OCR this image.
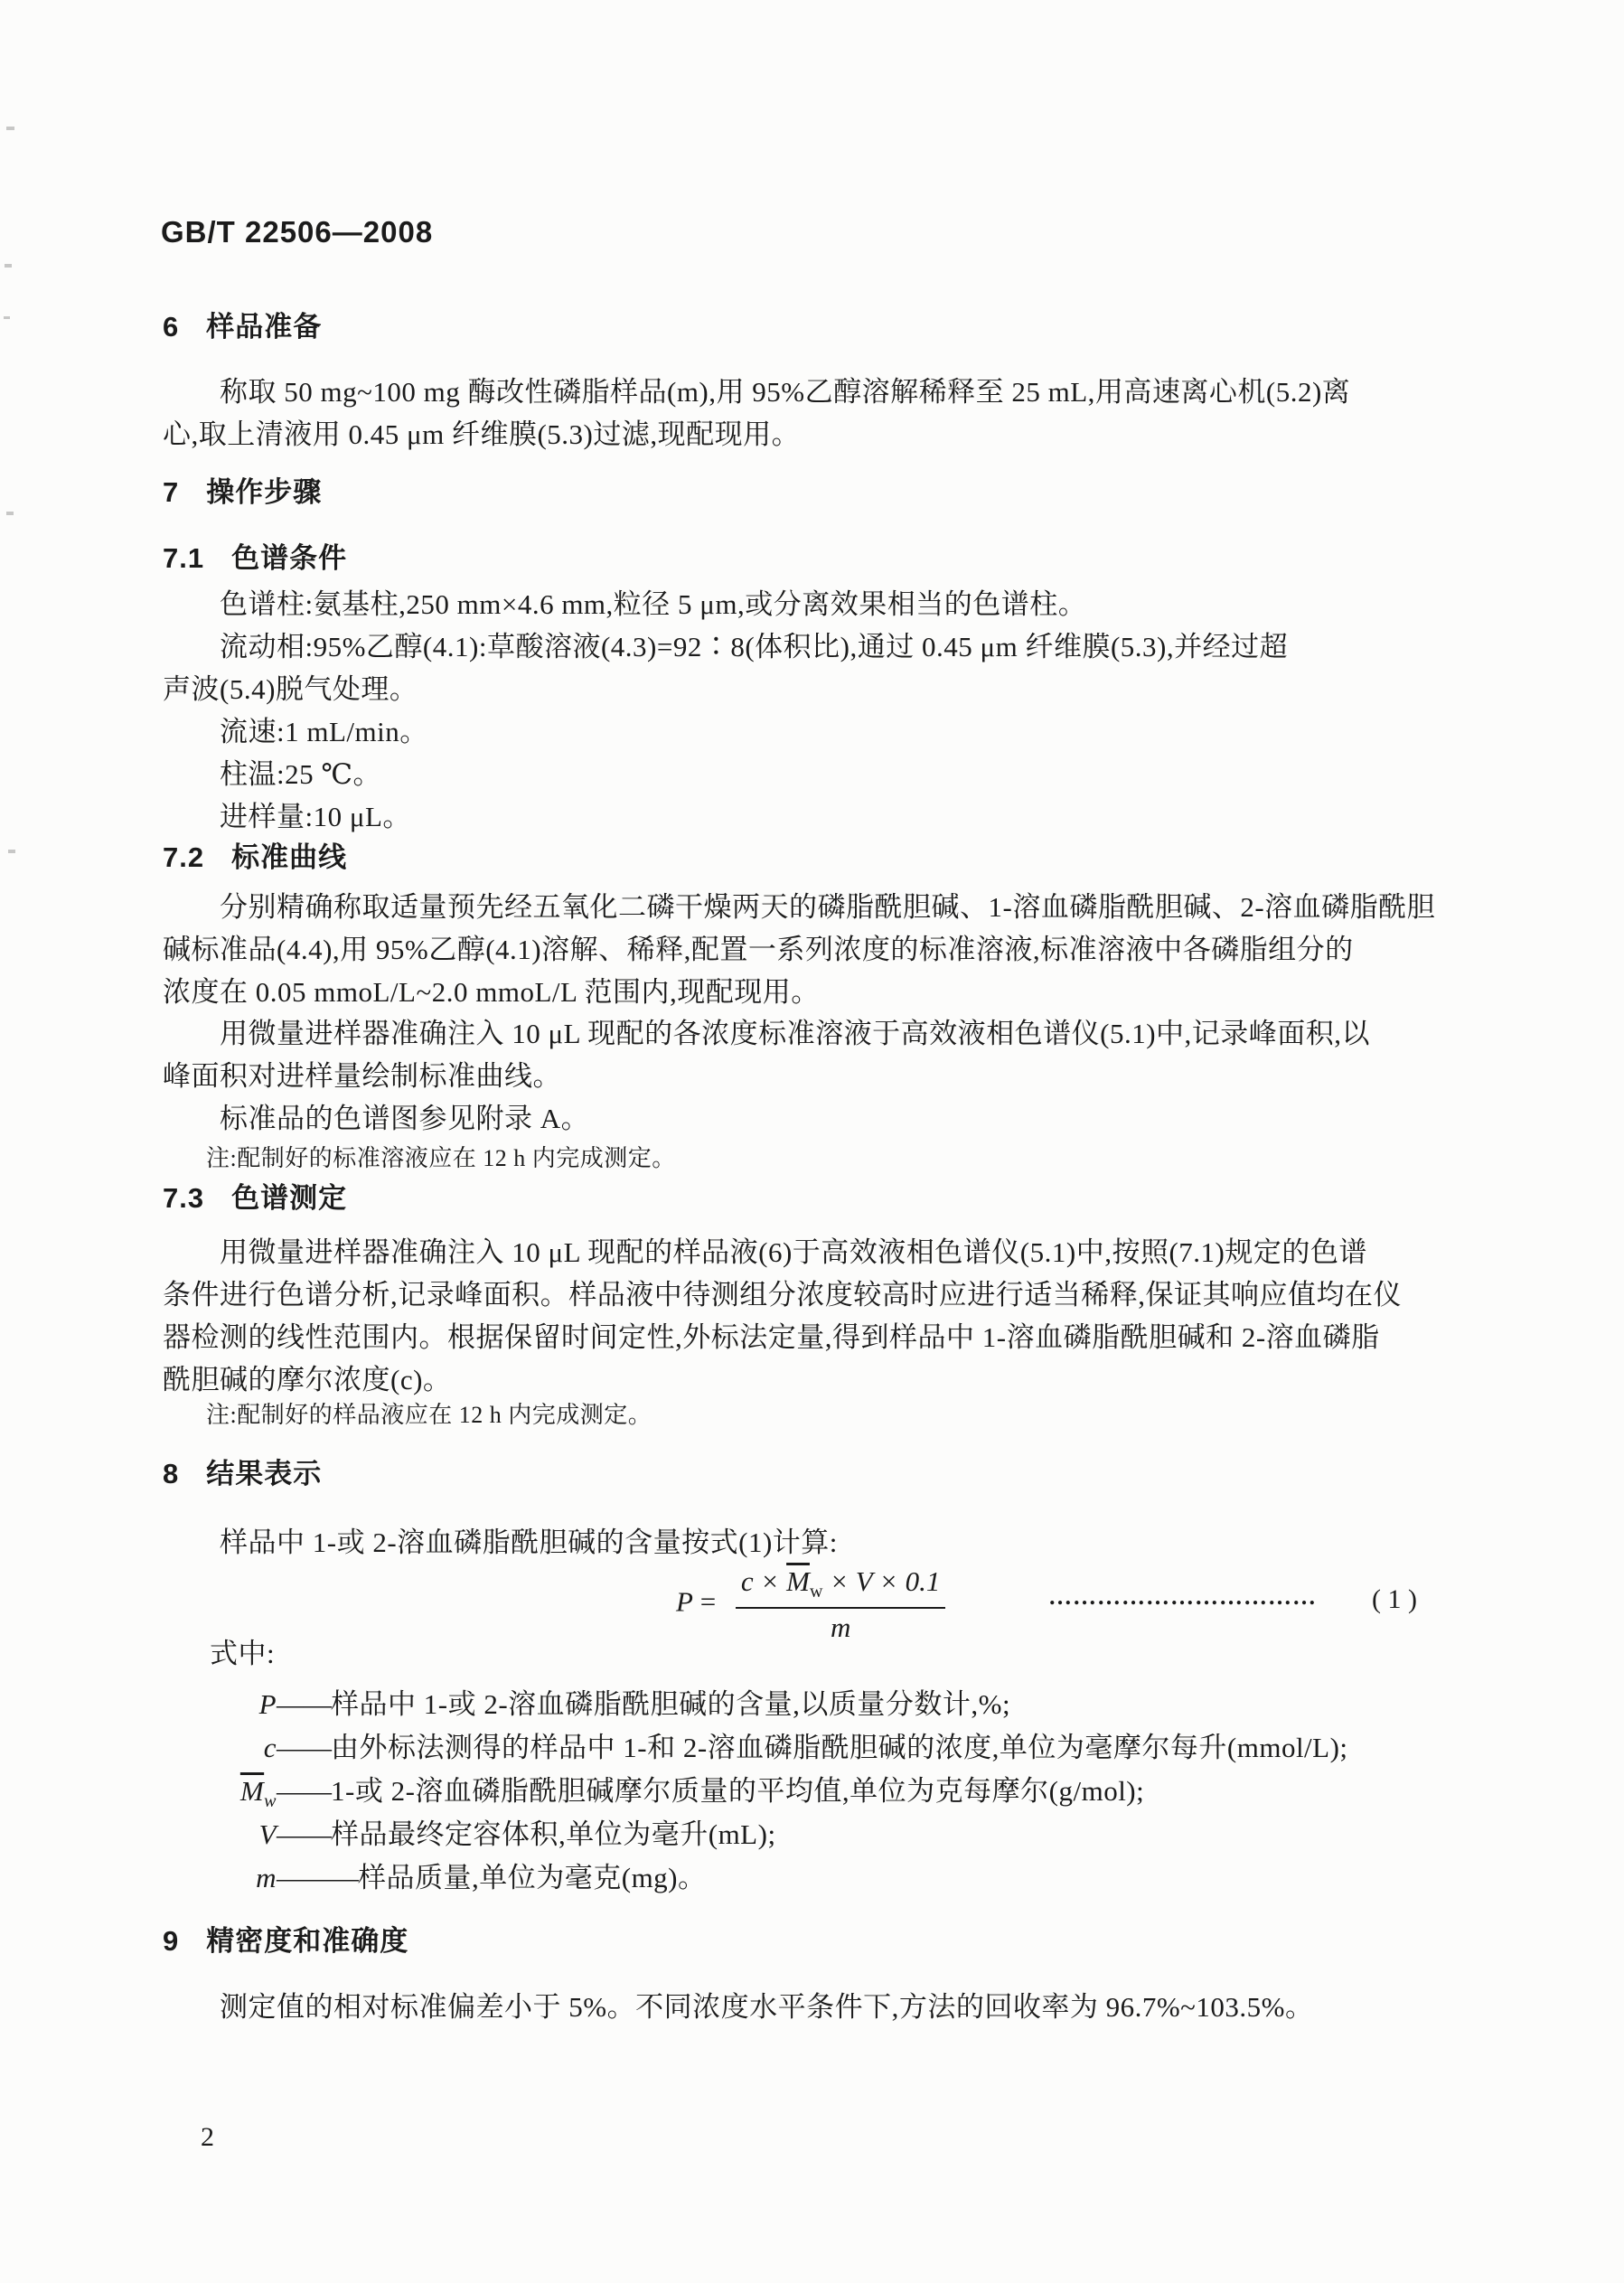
GB/T 22506—2008
6 样品准备
称取 50 mg~100 mg 酶改性磷脂样品(m),用 95%乙醇溶解稀释至 25 mL,用高速离心机(5.2)离
心,取上清液用 0.45 μm 纤维膜(5.3)过滤,现配现用。
7 操作步骤
7.1 色谱条件
色谱柱:氨基柱,250 mm×4.6 mm,粒径 5 μm,或分离效果相当的色谱柱。
流动相:95%乙醇(4.1):草酸溶液(4.3)=92∶8(体积比),通过 0.45 μm 纤维膜(5.3),并经过超
声波(5.4)脱气处理。
流速:1 mL/min。
柱温:25 ℃。
进样量:10 μL。
7.2 标准曲线
分别精确称取适量预先经五氧化二磷干燥两天的磷脂酰胆碱、1-溶血磷脂酰胆碱、2-溶血磷脂酰胆
碱标准品(4.4),用 95%乙醇(4.1)溶解、稀释,配置一系列浓度的标准溶液,标准溶液中各磷脂组分的
浓度在 0.05 mmoL/L~2.0 mmoL/L 范围内,现配现用。
用微量进样器准确注入 10 μL 现配的各浓度标准溶液于高效液相色谱仪(5.1)中,记录峰面积,以
峰面积对进样量绘制标准曲线。
标准品的色谱图参见附录 A。
注:配制好的标准溶液应在 12 h 内完成测定。
7.3 色谱测定
用微量进样器准确注入 10 μL 现配的样品液(6)于高效液相色谱仪(5.1)中,按照(7.1)规定的色谱
条件进行色谱分析,记录峰面积。样品液中待测组分浓度较高时应进行适当稀释,保证其响应值均在仪
器检测的线性范围内。根据保留时间定性,外标法定量,得到样品中 1-溶血磷脂酰胆碱和 2-溶血磷脂
酰胆碱的摩尔浓度(c)。
注:配制好的样品液应在 12 h 内完成测定。
8 结果表示
样品中 1-或 2-溶血磷脂酰胆碱的含量按式(1)计算:
$P = \frac{c \times \overline{M}_w \times V \times 0.1}{m}$	…………………………… ( 1 )
式中:
P——样品中 1-或 2-溶血磷脂酰胆碱的含量,以质量分数计,%;
c——由外标法测得的样品中 1-和 2-溶血磷脂酰胆碱的浓度,单位为毫摩尔每升(mmol/L);
$\overline{M}_w——1-$或 2-溶血磷脂酰胆碱摩尔质量的平均值,单位为克每摩尔(g/mol);
V——样品最终定容体积,单位为毫升(mL);
m———样品质量,单位为毫克(mg)。
9 精密度和准确度
测定值的相对标准偏差小于 5%。不同浓度水平条件下,方法的回收率为 96.7%~103.5%。
2
